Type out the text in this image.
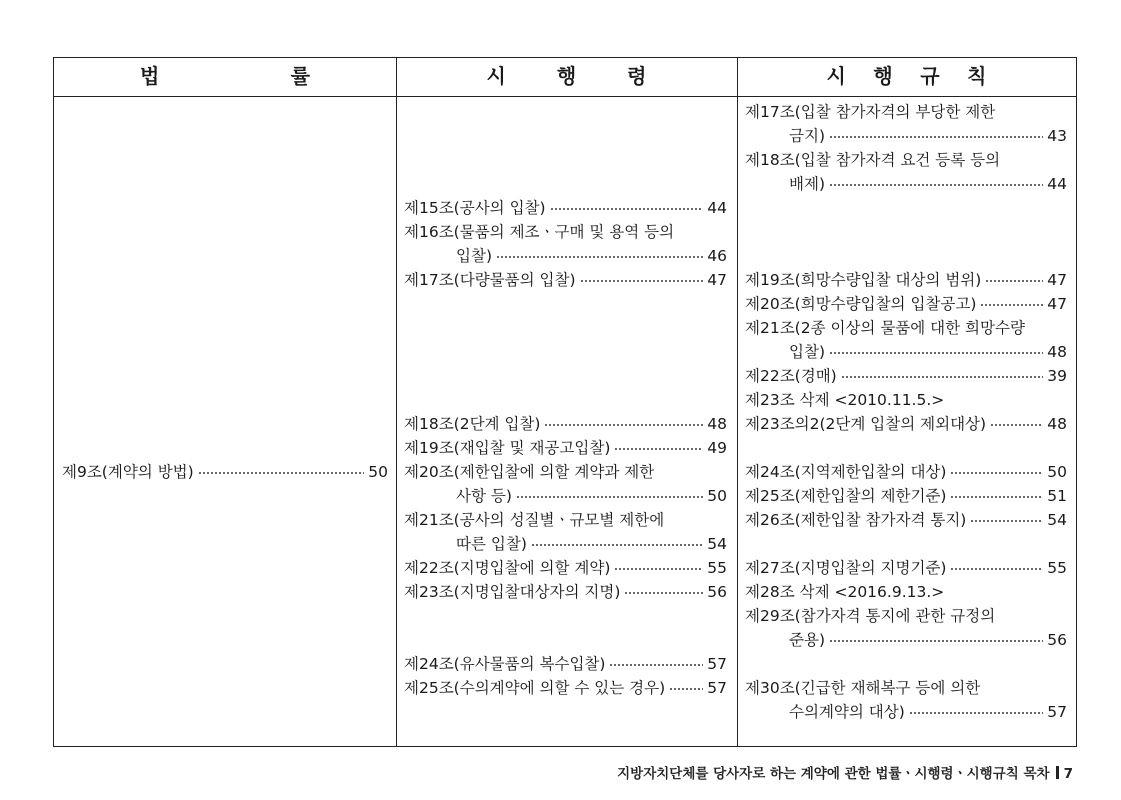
법 률	시 행 령	시 행 규 칙
제9조(계약의 방법)	50
제15조(공사의 입찰)	44
제16조(물품의 제조ㆍ구매 및 용역 등의
입찰)	46
제17조(다량물품의 입찰)	47
제18조(2단계 입찰)	48
제19조(재입찰 및 재공고입찰)	49
제20조(제한입찰에 의할 계약과 제한
사항 등)	50
제21조(공사의 성질별ㆍ규모별 제한에
따른 입찰)	54
제22조(지명입찰에 의할 계약)	55
제23조(지명입찰대상자의 지명)	56
제24조(유사물품의 복수입찰)	57
제25조(수의계약에 의할 수 있는 경우)	57
제17조(입찰 참가자격의 부당한 제한
금지)	43
제18조(입찰 참가자격 요건 등록 등의
배제)	44
제19조(희망수량입찰 대상의 범위)	47
제20조(희망수량입찰의 입찰공고)	47
제21조(2종 이상의 물품에 대한 희망수량
입찰)	48
제22조(경매)	39
제23조 삭제 <2010.11.5.>
제23조의2(2단계 입찰의 제외대상)	48
제24조(지역제한입찰의 대상)	50
제25조(제한입찰의 제한기준)	51
제26조(제한입찰 참가자격 통지)	54
제27조(지명입찰의 지명기준)	55
제28조 삭제 <2016.9.13.>
제29조(참가자격 통지에 관한 규정의
준용)	56
제30조(긴급한 재해복구 등에 의한
수의계약의 대상)	57
지방자치단체를 당사자로 하는 계약에 관한 법률ㆍ시행령ㆍ시행규칙 목차 7
